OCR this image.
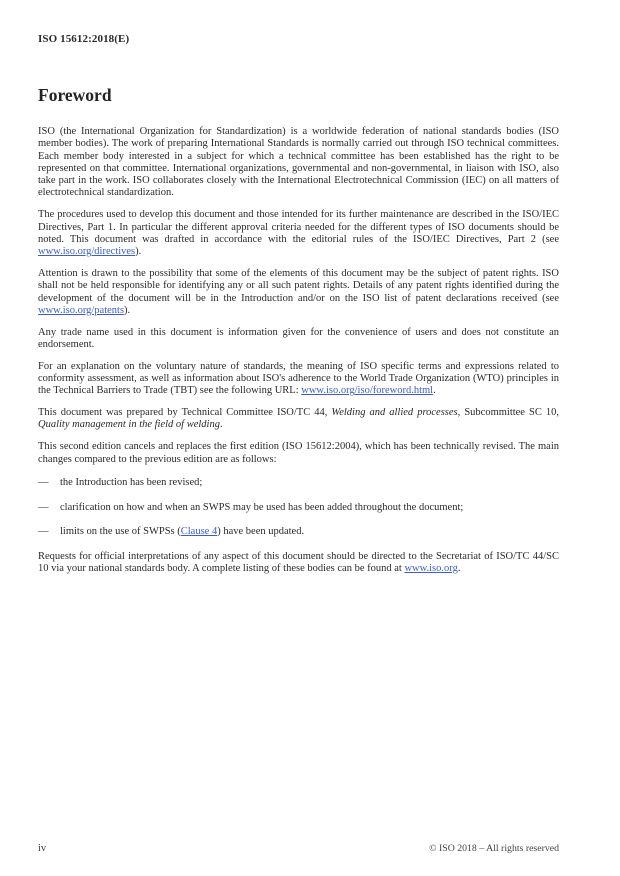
ISO 15612:2018(E)
Foreword

ISO (the International Organization for Standardization) is a worldwide federation of national standards bodies (ISO member bodies). The work of preparing International Standards is normally carried out through ISO technical committees. Each member body interested in a subject for which a technical committee has been established has the right to be represented on that committee. International organizations, governmental and non-governmental, in liaison with ISO, also take part in the work. ISO collaborates closely with the International Electrotechnical Commission (IEC) on all matters of electrotechnical standardization.

The procedures used to develop this document and those intended for its further maintenance are described in the ISO/IEC Directives, Part 1. In particular the different approval criteria needed for the different types of ISO documents should be noted. This document was drafted in accordance with the editorial rules of the ISO/IEC Directives, Part 2 (see www.iso.org/directives).

Attention is drawn to the possibility that some of the elements of this document may be the subject of patent rights. ISO shall not be held responsible for identifying any or all such patent rights. Details of any patent rights identified during the development of the document will be in the Introduction and/or on the ISO list of patent declarations received (see www.iso.org/patents).

Any trade name used in this document is information given for the convenience of users and does not constitute an endorsement.

For an explanation on the voluntary nature of standards, the meaning of ISO specific terms and expressions related to conformity assessment, as well as information about ISO's adherence to the World Trade Organization (WTO) principles in the Technical Barriers to Trade (TBT) see the following URL: www.iso.org/iso/foreword.html.

This document was prepared by Technical Committee ISO/TC 44, Welding and allied processes, Subcommittee SC 10, Quality management in the field of welding.

This second edition cancels and replaces the first edition (ISO 15612:2004), which has been technically revised. The main changes compared to the previous edition are as follows:

— the Introduction has been revised;
— clarification on how and when an SWPS may be used has been added throughout the document;
— limits on the use of SWPSs (Clause 4) have been updated.

Requests for official interpretations of any aspect of this document should be directed to the Secretariat of ISO/TC 44/SC 10 via your national standards body. A complete listing of these bodies can be found at www.iso.org.

iv	© ISO 2018 – All rights reserved
